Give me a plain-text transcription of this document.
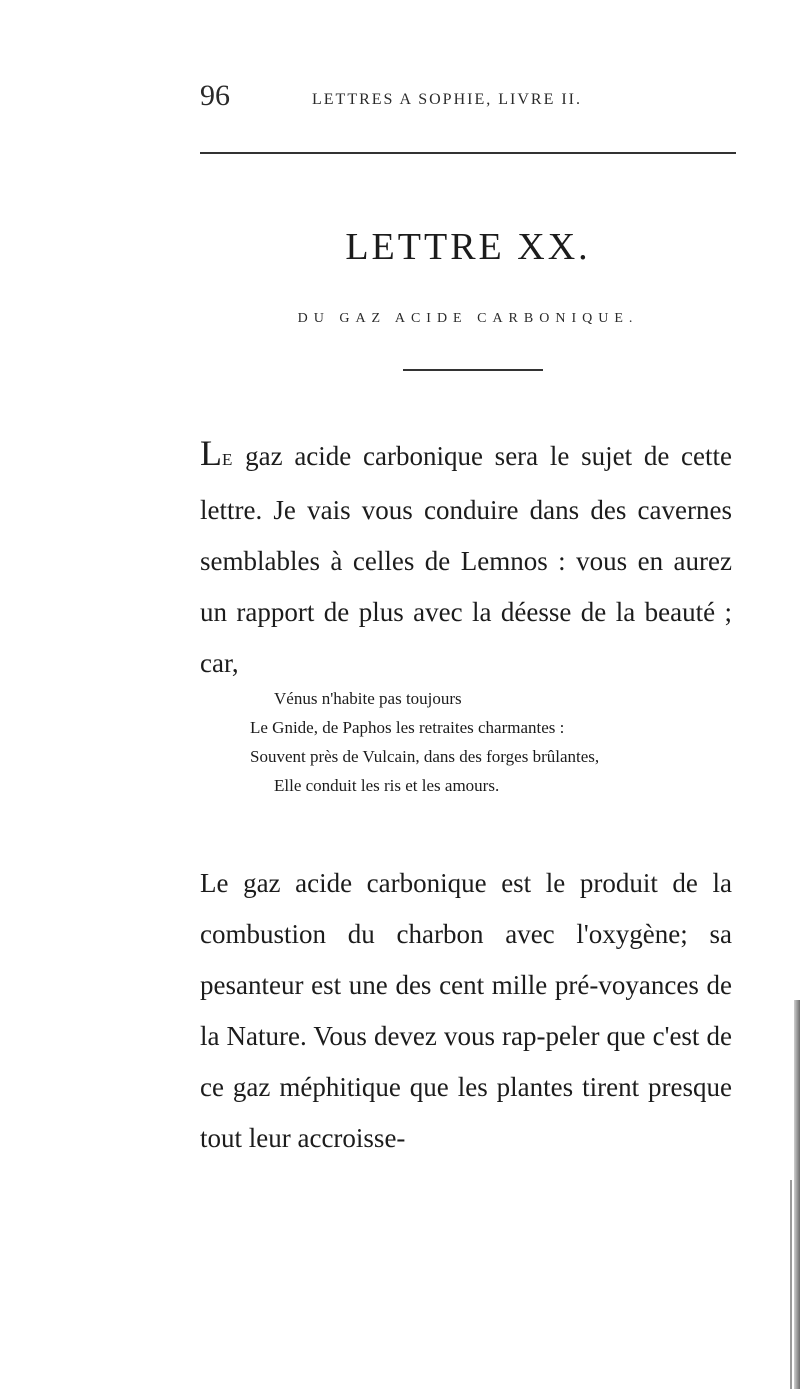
96	LETTRES A SOPHIE, LIVRE II.
LETTRE XX.
DU GAZ ACIDE CARBONIQUE.

LE gaz acide carbonique sera le sujet de cette lettre. Je vais vous conduire dans des cavernes semblables à celles de Lemnos : vous en aurez un rapport de plus avec la déesse de la beauté ; car,

Vénus n'habite pas toujours
Le Gnide, de Paphos les retraites charmantes :
Souvent près de Vulcain, dans des forges brûlantes,
Elle conduit les ris et les amours.

Le gaz acide carbonique est le produit de la combustion du charbon avec l'oxygène; sa pesanteur est une des cent mille pré-voyances de la Nature. Vous devez vous rap-peler que c'est de ce gaz méphitique que les plantes tirent presque tout leur accroisse-
